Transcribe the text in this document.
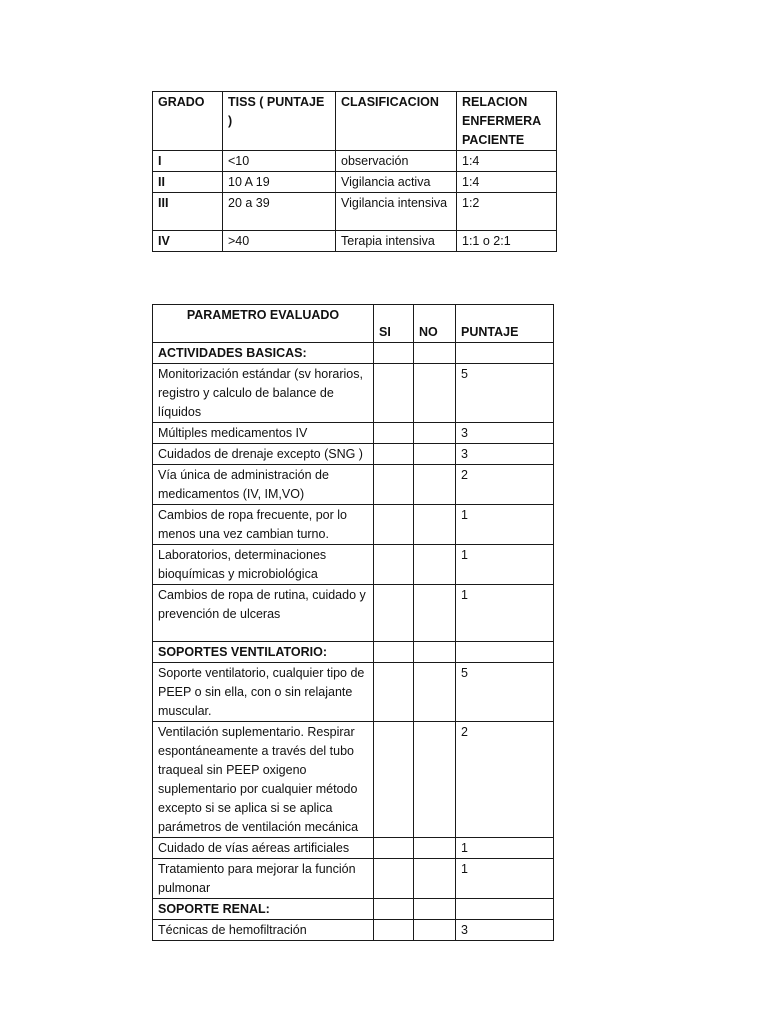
GRADO	TISS ( PUNTAJE )	CLASIFICACION	RELACION ENFERMERA PACIENTE
I	<10	observación	1:4
II	10 A 19	Vigilancia activa	1:4
III	20 a 39	Vigilancia intensiva	1:2
IV	>40	Terapia intensiva	1:1 o 2:1
PARAMETRO EVALUADO	SI	NO	PUNTAJE
ACTIVIDADES BASICAS:			
Monitorización estándar (sv horarios, registro y calculo de balance de líquidos			5
Múltiples medicamentos IV			3
Cuidados de drenaje excepto (SNG )			3
Vía única de administración de medicamentos (IV, IM,VO)			2
Cambios de ropa frecuente, por lo menos una vez cambian turno.			1
Laboratorios, determinaciones bioquímicas y microbiológica			1
Cambios de ropa de rutina, cuidado y prevención de ulceras			1
SOPORTES VENTILATORIO:			
Soporte ventilatorio, cualquier tipo de PEEP o sin ella, con o sin relajante muscular.			5
Ventilación suplementario. Respirar espontáneamente a través del tubo traqueal sin PEEP oxigeno suplementario por cualquier método excepto si se aplica si se aplica parámetros de ventilación mecánica			2
Cuidado de vías aéreas artificiales			1
Tratamiento para mejorar la función pulmonar			1
SOPORTE RENAL:			
Técnicas de hemofiltración			3
